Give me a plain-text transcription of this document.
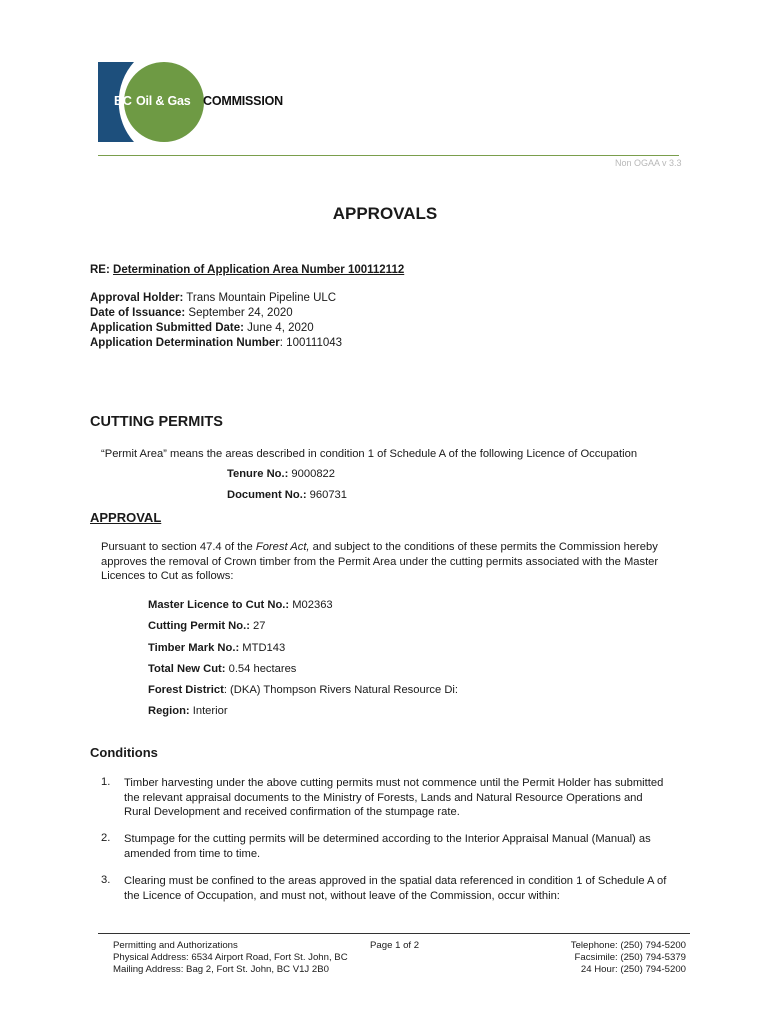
BC Oil & Gas COMMISSION
Non OGAA v 3.3
APPROVALS
RE: Determination of Application Area Number 100112112
Approval Holder: Trans Mountain Pipeline ULC
Date of Issuance: September 24, 2020
Application Submitted Date: June 4, 2020
Application Determination Number: 100111043
CUTTING PERMITS
“Permit Area” means the areas described in condition 1 of Schedule A of the following Licence of Occupation
Tenure No.: 9000822
Document No.: 960731
APPROVAL
Pursuant to section 47.4 of the Forest Act, and subject to the conditions of these permits the Commission hereby
approves the removal of Crown timber from the Permit Area under the cutting permits associated with the Master
Licences to Cut as follows:
Master Licence to Cut No.: M02363
Cutting Permit No.: 27
Timber Mark No.: MTD143
Total New Cut: 0.54 hectares
Forest District: (DKA) Thompson Rivers Natural Resource Di:
Region: Interior
Conditions
1. Timber harvesting under the above cutting permits must not commence until the Permit Holder has submitted
the relevant appraisal documents to the Ministry of Forests, Lands and Natural Resource Operations and
Rural Development and received confirmation of the stumpage rate.
2. Stumpage for the cutting permits will be determined according to the Interior Appraisal Manual (Manual) as
amended from time to time.
3. Clearing must be confined to the areas approved in the spatial data referenced in condition 1 of Schedule A of
the Licence of Occupation, and must not, without leave of the Commission, occur within:
Permitting and Authorizations
Physical Address: 6534 Airport Road, Fort St. John, BC
Mailing Address: Bag 2, Fort St. John, BC V1J 2B0
Page 1 of 2	Telephone: (250) 794-5200
Facsimile: (250) 794-5379
24 Hour: (250) 794-5200
